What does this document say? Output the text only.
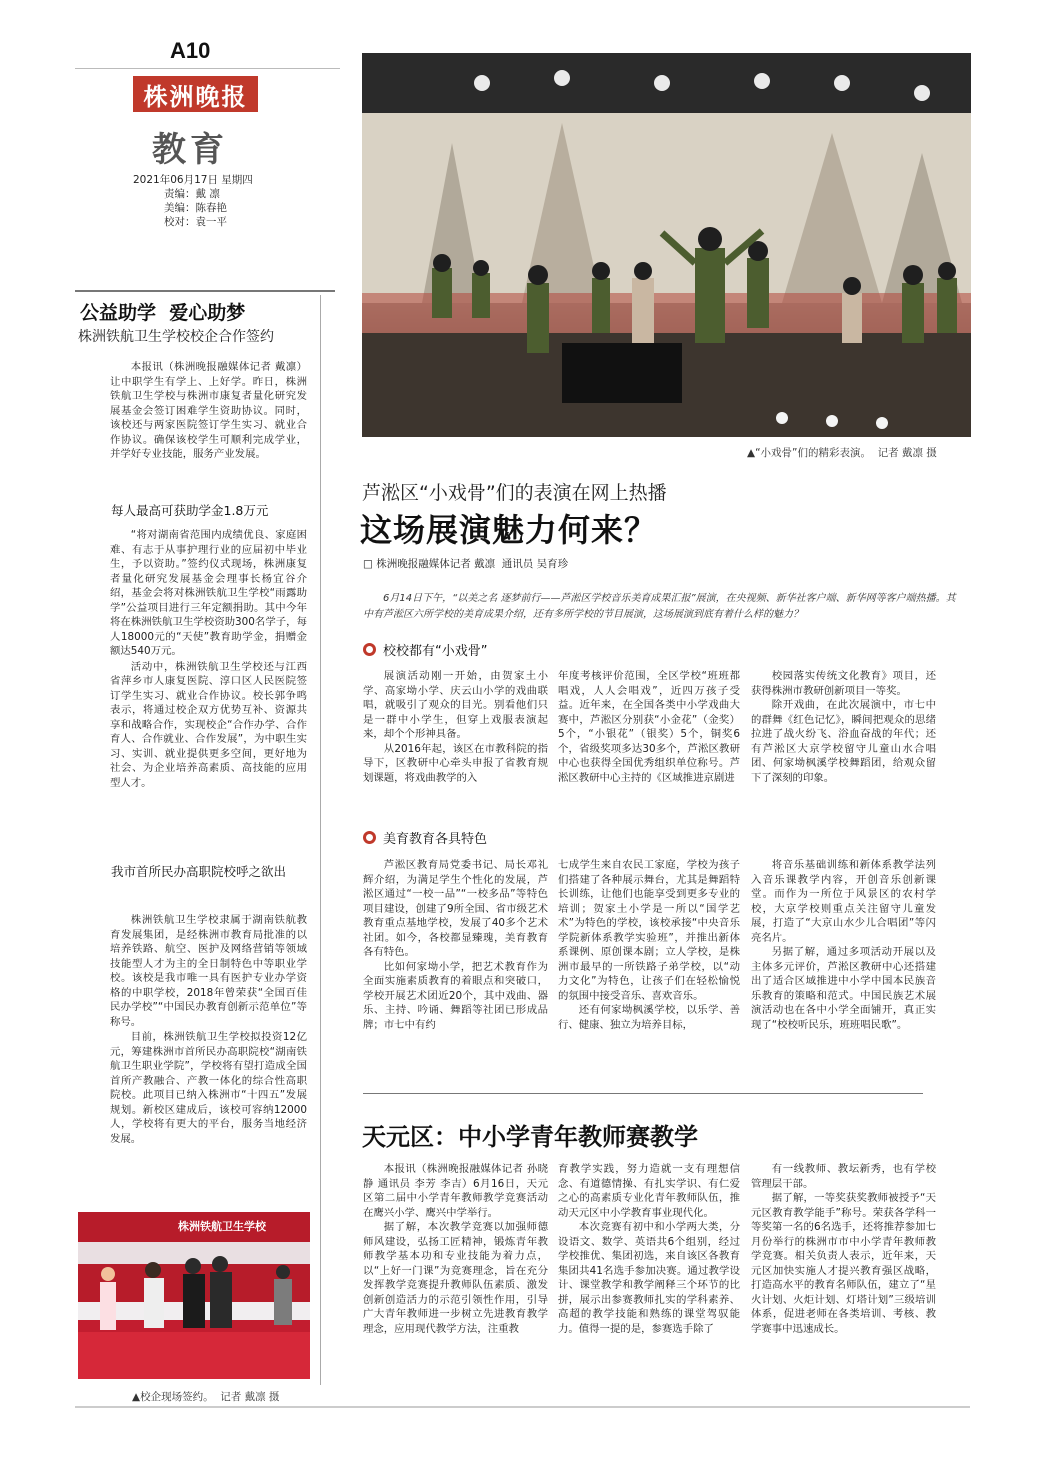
A10
株洲晚报
教育
2021年06月17日 星期四
责编：戴 凛
美编：陈春艳
校对：袁一平
公益助学  爱心助梦
株洲铁航卫生学校校企合作签约

本报讯（株洲晚报融媒体记者 戴凛）让中职学生有学上、上好学。昨日，株洲铁航卫生学校与株洲市康复者量化研究发展基金会签订困难学生资助协议。同时，该校还与两家医院签订学生实习、就业合作协议。确保该校学生可顺利完成学业，并学好专业技能，服务产业发展。

每人最高可获助学金1.8万元

“将对湖南省范围内成绩优良、家庭困难、有志于从事护理行业的应届初中毕业生，予以资助。”签约仪式现场，株洲康复者量化研究发展基金会理事长杨宜谷介绍，基金会将对株洲铁航卫生学校“雨露助学”公益项目进行三年定额捐助。其中今年将在株洲铁航卫生学校资助300名学子，每人18000元的“天使”教育助学金，捐赠金额达540万元。

活动中，株洲铁航卫生学校还与江西省萍乡市人康复医院、淳口区人民医院签订学生实习、就业合作协议。校长郭争鸣表示，将通过校企双方优势互补、资源共享和战略合作，实现校企“合作办学、合作育人、合作就业、合作发展”，为中职生实习、实训、就业提供更多空间，更好地为社会、为企业培养高素质、高技能的应用型人才。

我市首所民办高职院校呼之欲出

株洲铁航卫生学校隶属于湖南铁航教育发展集团，是经株洲市教育局批准的以培养铁路、航空、医护及网络营销等领域技能型人才为主的全日制特色中等职业学校。该校是我市唯一具有医护专业办学资格的中职学校，2018年曾荣获“全国百佳民办学校”“中国民办教育创新示范单位”等称号。

目前，株洲铁航卫生学校拟投资12亿元，筹建株洲市首所民办高职院校“湖南铁航卫生职业学院”，学校将有望打造成全国首所产教融合、产教一体化的综合性高职院校。此项目已纳入株洲市“十四五”发展规划。新校区建成后，该校可容纳12000人，学校将有更大的平台，服务当地经济发展。

株洲铁航卫生学校
▲校企现场签约。  记者 戴凛 摄
▲“小戏骨”们的精彩表演。  记者 戴凛 摄
芦淞区“小戏骨”们的表演在网上热播
这场展演魅力何来？
□ 株洲晚报融媒体记者 戴凛  通讯员 吴育珍
6月14日下午，“以美之名 逐梦前行——芦淞区学校音乐美育成果汇报”展演，在央视频、新华社客户端、新华网等客户端热播。其中有芦淞区六所学校的美育成果介绍，还有多所学校的节目展演，这场展演到底有着什么样的魅力？
校校都有“小戏骨”
展演活动刚一开始，由贺家土小学、高家坳小学、庆云山小学的戏曲联唱，就吸引了观众的目光。别看他们只是一群中小学生，但穿上戏服表演起来，却个个形神具备。
从2016年起，该区在市教科院的指导下，区教研中心牵头申报了省教育规划课题，将戏曲教学的入
年度考核评价范围，全区学校“班班都唱戏，人人会唱戏”，近四万孩子受益。近年来，在全国各类中小学戏曲大赛中，芦淞区分别获“小金花”（金奖）5个，“小银花”（银奖）5个，铜奖6个，省级奖项多达30多个，芦淞区教研中心也获得全国优秀组织单位称号。芦淞区教研中心主持的《区域推进京剧进
校园落实传统文化教育》项目，还获得株洲市教研创新项目一等奖。
除开戏曲，在此次展演中，市七中的群舞《红色记忆》，瞬间把观众的思绪拉进了战火纷飞、浴血奋战的年代；还有芦淞区大京学校留守儿童山水合唱团、何家坳枫溪学校舞蹈团，给观众留下了深刻的印象。
美育教育各具特色
芦淞区教育局党委书记、局长邓礼辉介绍，为满足学生个性化的发展，芦淞区通过“一校一品”“一校多品”等特色项目建设，创建了9所全国、省市级艺术教育重点基地学校，发展了40多个艺术社团。如今，各校都显臻瑰，美育教育各有特色。
比如何家坳小学，把艺术教育作为全面实施素质教育的着眼点和突破口，学校开展艺术团近20个，其中戏曲、器乐、主持、吟诵、舞蹈等社团已形成品牌；市七中有约
七成学生来自农民工家庭，学校为孩子们搭建了各种展示舞台，尤其是舞蹈特长训练，让他们也能享受到更多专业的培训；贺家土小学是一所以“国学艺术”为特色的学校，该校承接“中央音乐学院新体系教学实验班”，并推出新体系课例、原创课本剧；立人学校，是株洲市最早的一所铁路子弟学校，以“动力文化”为特色，让孩子们在轻松愉悦的氛围中接受音乐、喜欢音乐。
还有何家坳枫溪学校，以乐学、善行、健康、独立为培养目标，
将音乐基础训练和新体系教学法列入音乐课教学内容，开创音乐创新课堂。而作为一所位于风景区的农村学校，大京学校则重点关注留守儿童发展，打造了“大京山水少儿合唱团”等闪亮名片。
另据了解，通过多项活动开展以及主体多元评价，芦淞区教研中心还搭建出了适合区域推进中小学中国本民族音乐教育的策略和范式。中国民族艺术展演活动也在各中小学全面铺开，真正实现了“校校听民乐，班班唱民歌”。
天元区：中小学青年教师赛教学
本报讯（株洲晚报融媒体记者 孙晓静 通讯员 李芳 李吉）6月16日，天元区第二届中小学青年教师教学竞赛活动在鹰兴小学、鹰兴中学举行。
据了解，本次教学竞赛以加强师德师风建设，弘扬工匠精神，锻炼青年教师教学基本功和专业技能为着力点，以“上好一门课”为竞赛理念，旨在充分发挥教学竞赛提升教师队伍素质、激发创新创造活力的示范引领性作用，引导广大青年教师进一步树立先进教育教学理念，应用现代教学方法，注重教
育教学实践，努力造就一支有理想信念、有道德情操、有扎实学识、有仁爱之心的高素质专业化青年教师队伍，推动天元区中小学教育事业现代化。
本次竞赛有初中和小学两大类，分设语文、数学、英语共6个组别，经过学校推优、集团初选，来自该区各教育集团共41名选手参加决赛。通过教学设计、课堂教学和教学阐释三个环节的比拼，展示出参赛教师扎实的学科素养、高超的教学技能和熟练的课堂驾驭能力。值得一提的是，参赛选手除了
有一线教师、教坛新秀，也有学校管理层干部。
据了解，一等奖获奖教师被授予“天元区教育教学能手”称号。荣获各学科一等奖第一名的6名选手，还将推荐参加七月份举行的株洲市市中小学青年教师教学竞赛。相关负责人表示，近年来，天元区加快实施人才提兴教育强区战略，打造高水平的教育名师队伍，建立了“星火计划、火炬计划、灯塔计划”三级培训体系，促进老师在各类培训、考核、教学赛事中迅速成长。
